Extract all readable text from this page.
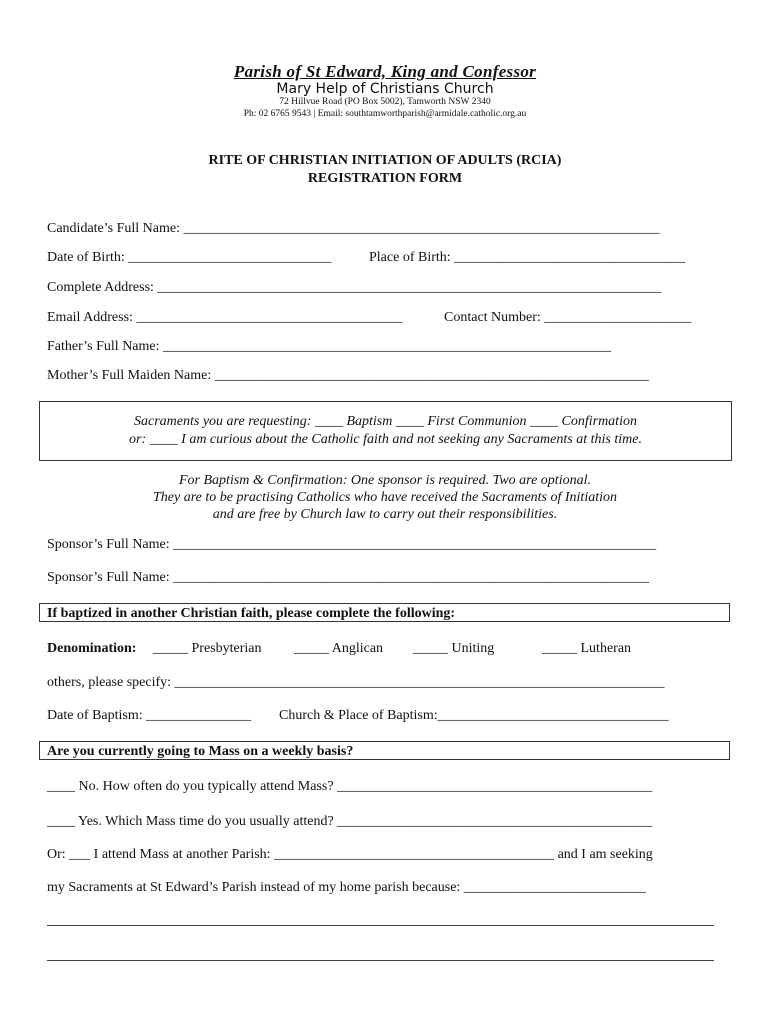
Parish of St Edward, King and Confessor
Mary Help of Christians Church
72 Hillvue Road (PO Box 5002), Tamworth NSW 2340
Ph: 02 6765 9543 | Email: southtamworthparish@armidale.catholic.org.au
RITE OF CHRISTIAN INITIATION OF ADULTS (RCIA)
REGISTRATION FORM
Candidate’s Full Name: ____________________________________________________________________
Date of Birth: _____________________________	Place of Birth: _________________________________
Complete Address: ________________________________________________________________________
Email Address: ______________________________________	Contact Number: _____________________
Father’s Full Name: ________________________________________________________________
Mother’s Full Maiden Name: ______________________________________________________________
Sacraments you are requesting: ____ Baptism ____ First Communion ____ Confirmation
or: ____ I am curious about the Catholic faith and not seeking any Sacraments at this time.
For Baptism & Confirmation: One sponsor is required. Two are optional.
They are to be practising Catholics who have received the Sacraments of Initiation
and are free by Church law to carry out their responsibilities.
Sponsor’s Full Name: _____________________________________________________________________
Sponsor’s Full Name: ____________________________________________________________________
If baptized in another Christian faith, please complete the following:
Denomination: _____ Presbyterian _____ Anglican _____ Uniting	_____ Lutheran
others, please specify: ______________________________________________________________________
Date of Baptism: _______________ Church & Place of Baptism:_________________________________
Are you currently going to Mass on a weekly basis?
____ No. How often do you typically attend Mass? _____________________________________________
____ Yes. Which Mass time do you usually attend? _____________________________________________
Or: ___ I attend Mass at another Parish: ________________________________________ and I am seeking
my Sacraments at St Edward’s Parish instead of my home parish because: __________________________
